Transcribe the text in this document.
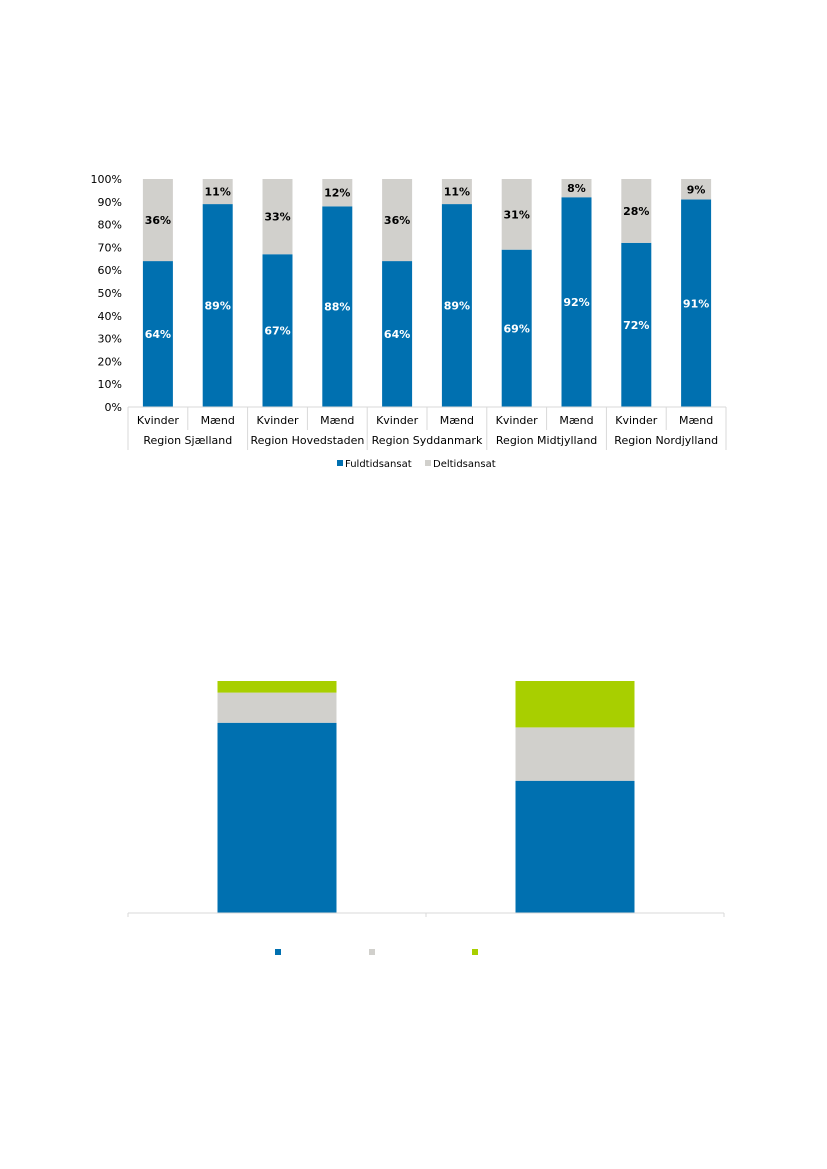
0%
10%
20%
30%
40%
50%
60%
70%
80%
90%
100%
64%
36%
89%
11%
67%
33%
88%
12%
64%
36%
89%
11%
69%
31%
92%
8%
72%
28%
91%
9%
Kvinder Mænd Kvinder Mænd Kvinder Mænd Kvinder Mænd Kvinder Mænd
Region Sjælland Region Hovedstaden Region Syddanmark Region Midtjylland Region Nordjylland
Fuldtidsansat Deltidsansat
